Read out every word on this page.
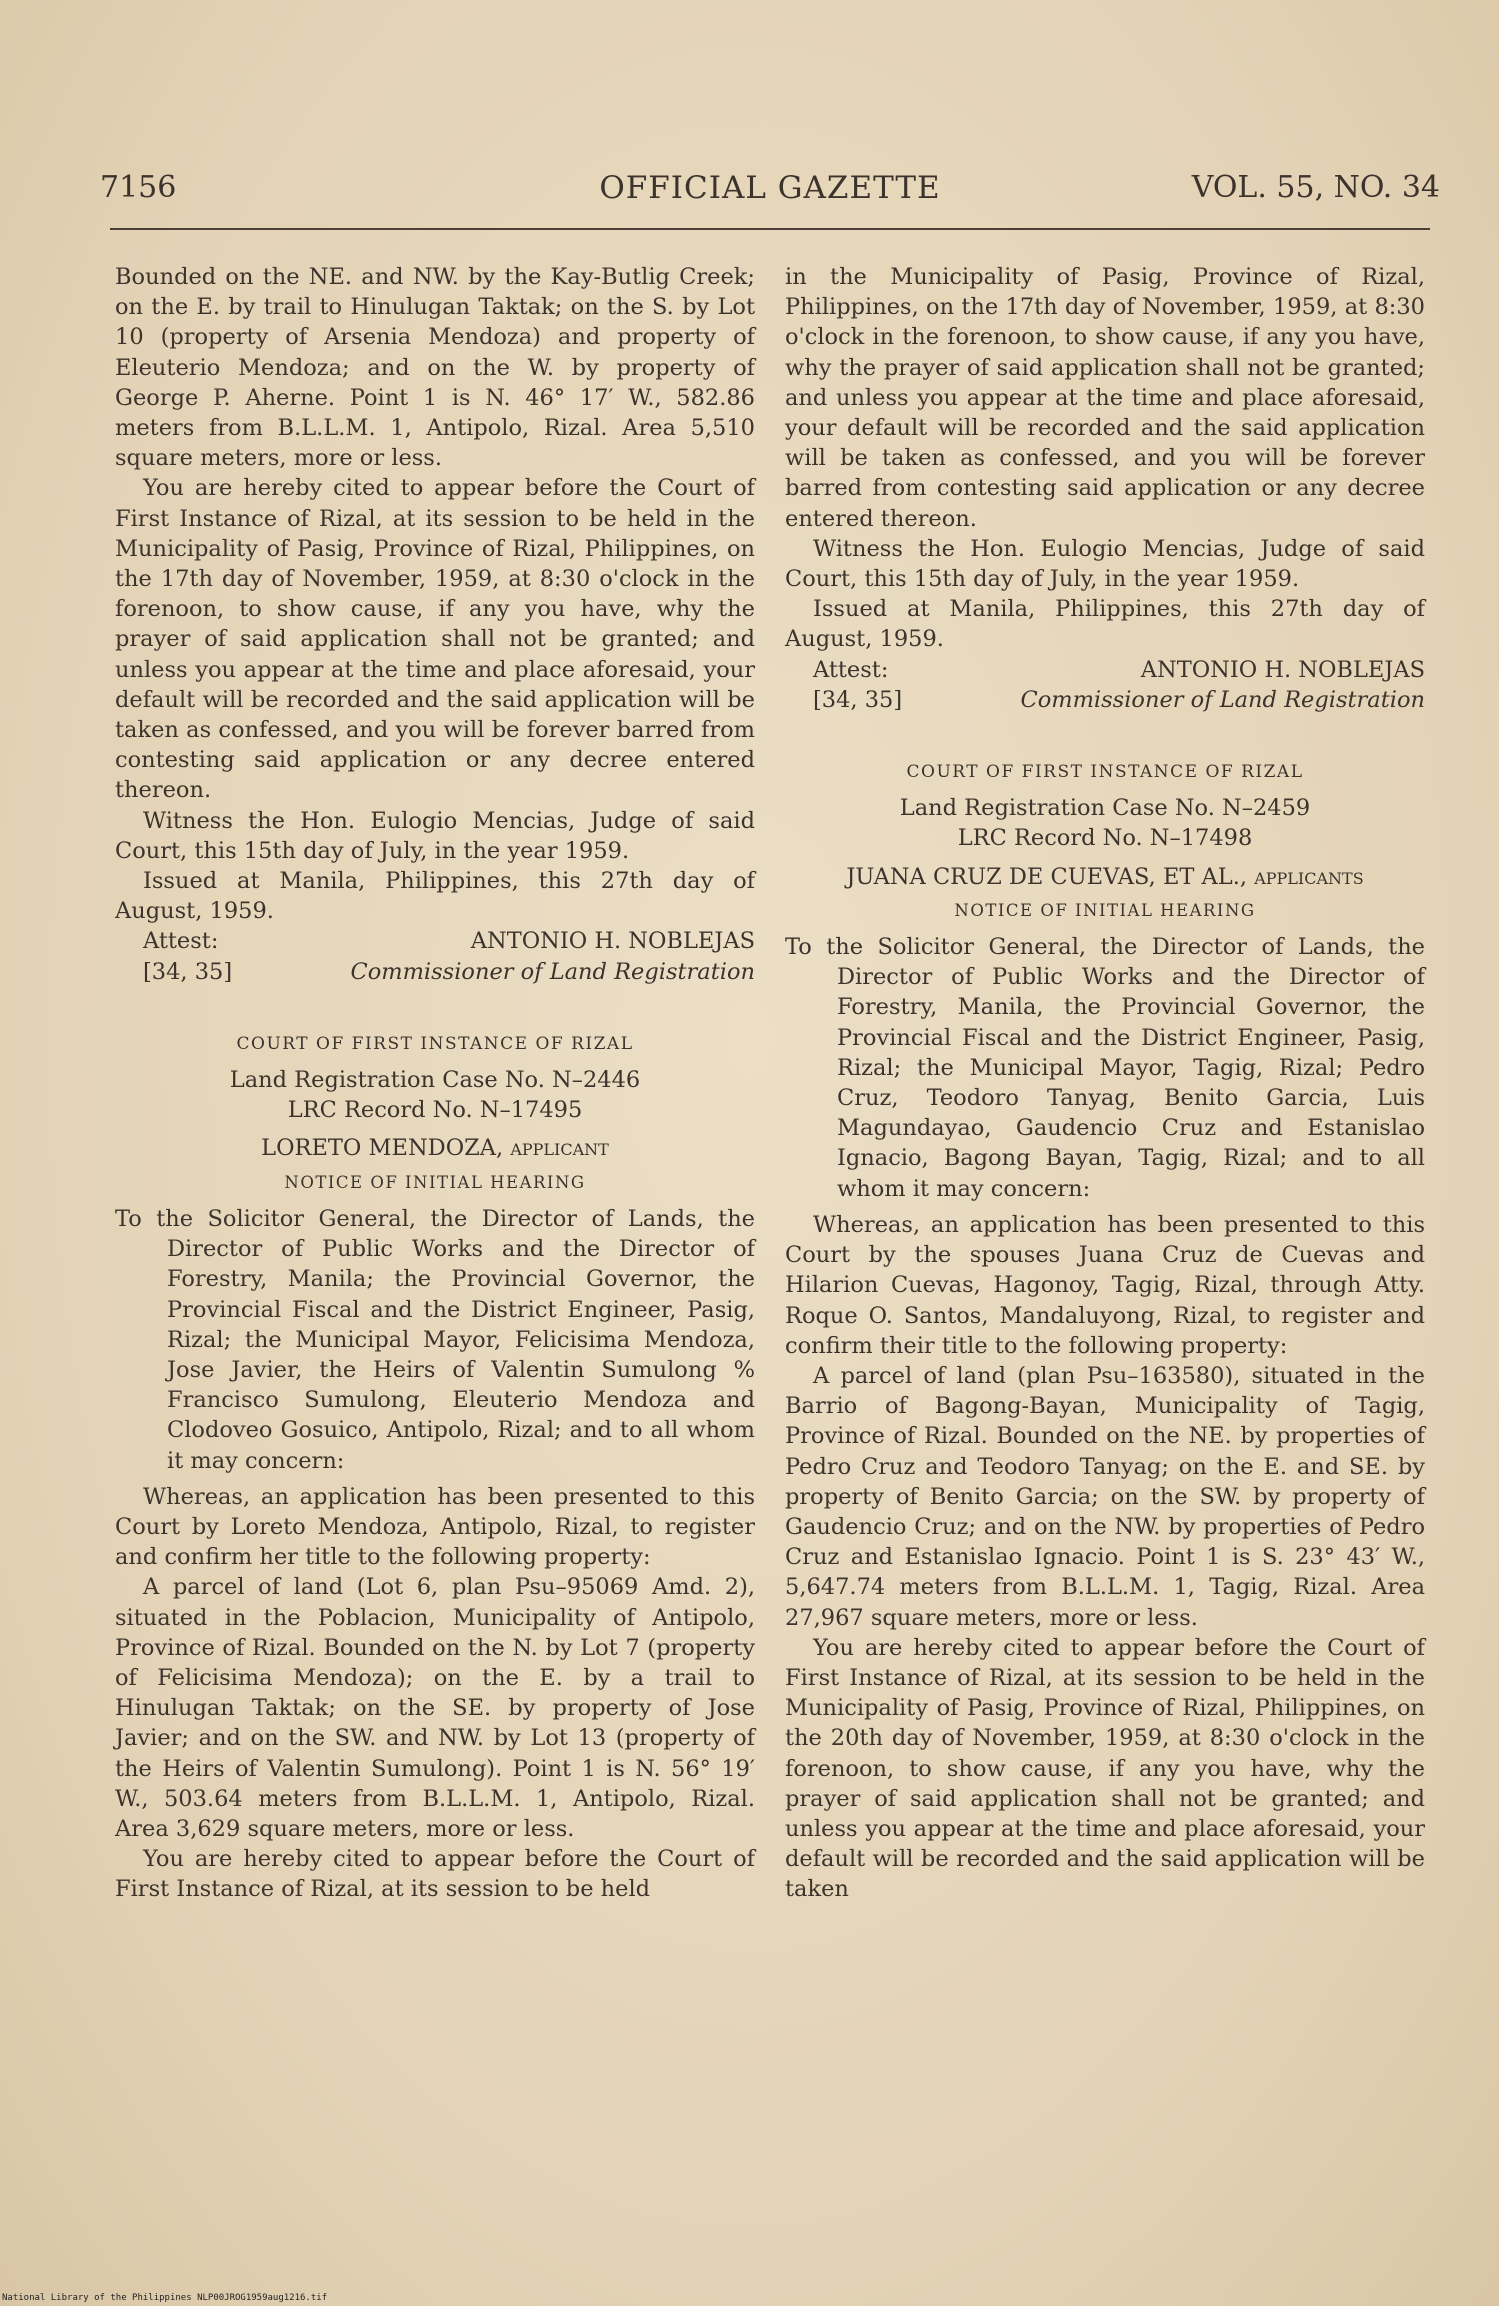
7156	OFFICIAL GAZETTE	VOL. 55, NO. 34

Bounded on the NE. and NW. by the Kay-Butlig Creek; on the E. by trail to Hinulugan Taktak; on the S. by Lot 10 (property of Arsenia Mendoza) and property of Eleuterio Mendoza; and on the W. by property of George P. Aherne. Point 1 is N. 46° 17′ W., 582.86 meters from B.L.L.M. 1, Antipolo, Rizal. Area 5,510 square meters, more or less.

You are hereby cited to appear before the Court of First Instance of Rizal, at its session to be held in the Municipality of Pasig, Province of Rizal, Philippines, on the 17th day of November, 1959, at 8:30 o'clock in the forenoon, to show cause, if any you have, why the prayer of said application shall not be granted; and unless you appear at the time and place aforesaid, your default will be recorded and the said application will be taken as confessed, and you will be forever barred from contesting said application or any decree entered thereon.

Witness the Hon. Eulogio Mencias, Judge of said Court, this 15th day of July, in the year 1959.

Issued at Manila, Philippines, this 27th day of August, 1959.

Attest:	ANTONIO H. NOBLEJAS
[34, 35]	Commissioner of Land Registration

COURT OF FIRST INSTANCE OF RIZAL

Land Registration Case No. N–2446

LRC Record No. N–17495

LORETO MENDOZA, applicant

NOTICE OF INITIAL HEARING

To the Solicitor General, the Director of Lands, the Director of Public Works and the Director of Forestry, Manila; the Provincial Governor, the Provincial Fiscal and the District Engineer, Pasig, Rizal; the Municipal Mayor, Felicisima Mendoza, Jose Javier, the Heirs of Valentin Sumulong % Francisco Sumulong, Eleuterio Mendoza and Clodoveo Gosuico, Antipolo, Rizal; and to all whom it may concern:

Whereas, an application has been presented to this Court by Loreto Mendoza, Antipolo, Rizal, to register and confirm her title to the following property:

A parcel of land (Lot 6, plan Psu–95069 Amd. 2), situated in the Poblacion, Municipality of Antipolo, Province of Rizal. Bounded on the N. by Lot 7 (property of Felicisima Mendoza); on the E. by a trail to Hinulugan Taktak; on the SE. by property of Jose Javier; and on the SW. and NW. by Lot 13 (property of the Heirs of Valentin Sumulong). Point 1 is N. 56° 19′ W., 503.64 meters from B.L.L.M. 1, Antipolo, Rizal. Area 3,629 square meters, more or less.

You are hereby cited to appear before the Court of First Instance of Rizal, at its session to be held

in the Municipality of Pasig, Province of Rizal, Philippines, on the 17th day of November, 1959, at 8:30 o'clock in the forenoon, to show cause, if any you have, why the prayer of said application shall not be granted; and unless you appear at the time and place aforesaid, your default will be recorded and the said application will be taken as confessed, and you will be forever barred from contesting said application or any decree entered thereon.

Witness the Hon. Eulogio Mencias, Judge of said Court, this 15th day of July, in the year 1959.

Issued at Manila, Philippines, this 27th day of August, 1959.

Attest:	ANTONIO H. NOBLEJAS
[34, 35]	Commissioner of Land Registration

COURT OF FIRST INSTANCE OF RIZAL

Land Registration Case No. N–2459

LRC Record No. N–17498

JUANA CRUZ DE CUEVAS, ET AL., applicants

NOTICE OF INITIAL HEARING

To the Solicitor General, the Director of Lands, the Director of Public Works and the Director of Forestry, Manila, the Provincial Governor, the Provincial Fiscal and the District Engineer, Pasig, Rizal; the Municipal Mayor, Tagig, Rizal; Pedro Cruz, Teodoro Tanyag, Benito Garcia, Luis Magundayao, Gaudencio Cruz and Estanislao Ignacio, Bagong Bayan, Tagig, Rizal; and to all whom it may concern:

Whereas, an application has been presented to this Court by the spouses Juana Cruz de Cuevas and Hilarion Cuevas, Hagonoy, Tagig, Rizal, through Atty. Roque O. Santos, Mandaluyong, Rizal, to register and confirm their title to the following property:

A parcel of land (plan Psu–163580), situated in the Barrio of Bagong-Bayan, Municipality of Tagig, Province of Rizal. Bounded on the NE. by properties of Pedro Cruz and Teodoro Tanyag; on the E. and SE. by property of Benito Garcia; on the SW. by property of Gaudencio Cruz; and on the NW. by properties of Pedro Cruz and Estanislao Ignacio. Point 1 is S. 23° 43′ W., 5,647.74 meters from B.L.L.M. 1, Tagig, Rizal. Area 27,967 square meters, more or less.

You are hereby cited to appear before the Court of First Instance of Rizal, at its session to be held in the Municipality of Pasig, Province of Rizal, Philippines, on the 20th day of November, 1959, at 8:30 o'clock in the forenoon, to show cause, if any you have, why the prayer of said application shall not be granted; and unless you appear at the time and place aforesaid, your default will be recorded and the said application will be taken

National Library of the Philippines NLP00JROG1959aug1216.tif
